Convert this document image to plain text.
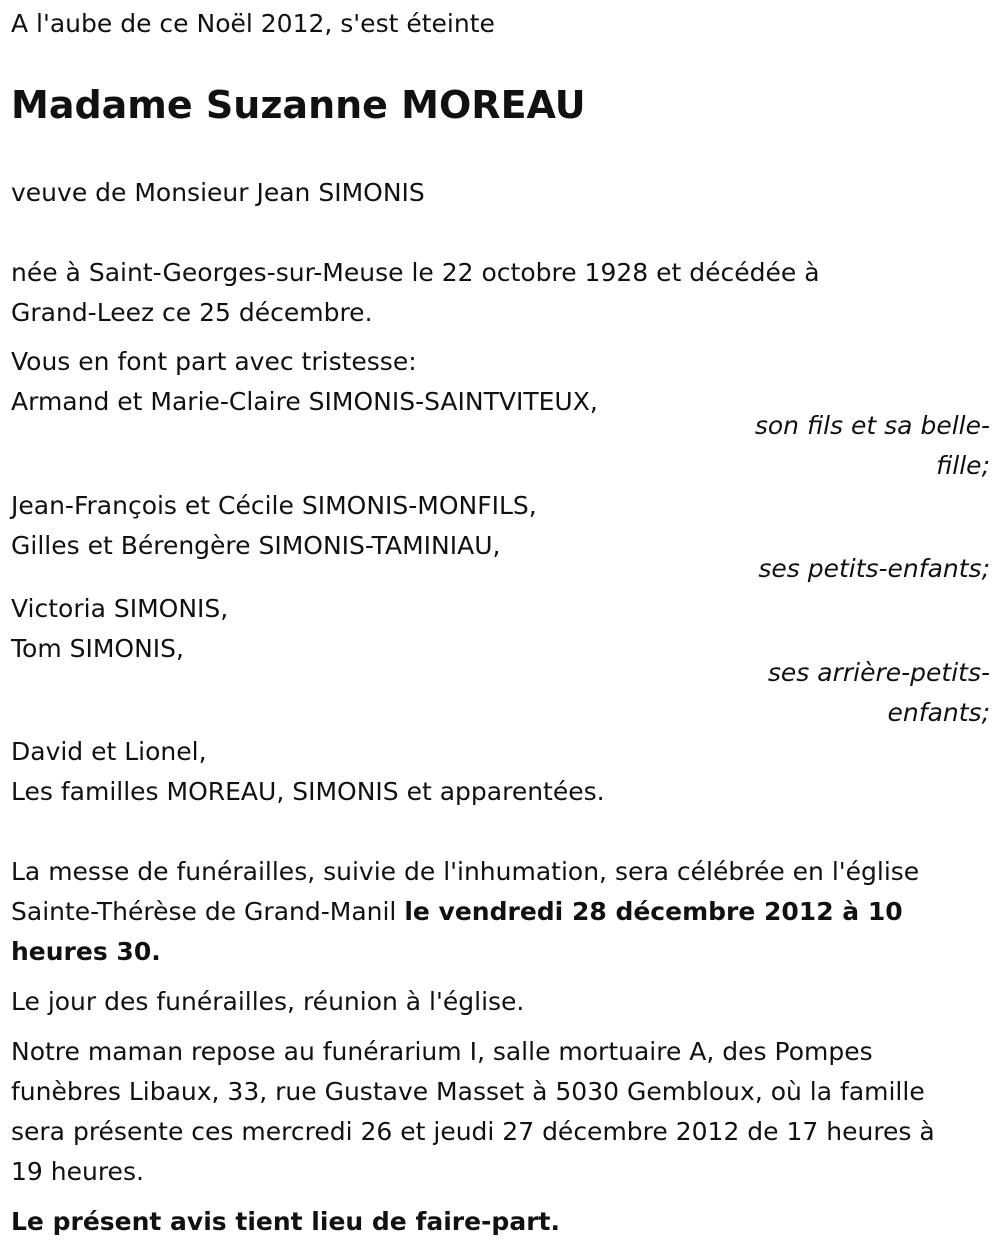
A l'aube de ce Noël 2012, s'est éteinte

Madame Suzanne MOREAU

veuve de Monsieur Jean SIMONIS

née à Saint-Georges-sur-Meuse le 22 octobre 1928 et décédée à

Grand-Leez ce 25 décembre.

Vous en font part avec tristesse:

Armand et Marie-Claire SIMONIS-SAINTVITEUX,

son fils et sa belle-

fille;

Jean-François et Cécile SIMONIS-MONFILS,

Gilles et Bérengère SIMONIS-TAMINIAU,

ses petits-enfants;

Victoria SIMONIS,

Tom SIMONIS,

ses arrière-petits-

enfants;

David et Lionel,

Les familles MOREAU, SIMONIS et apparentées.

La messe de funérailles, suivie de l'inhumation, sera célébrée en l'église

Sainte-Thérèse de Grand-Manil le vendredi 28 décembre 2012 à 10

heures 30.

Le jour des funérailles, réunion à l'église.

Notre maman repose au funérarium I, salle mortuaire A, des Pompes

funèbres Libaux, 33, rue Gustave Masset à 5030 Gembloux, où la famille

sera présente ces mercredi 26 et jeudi 27 décembre 2012 de 17 heures à

19 heures.

Le présent avis tient lieu de faire-part.
